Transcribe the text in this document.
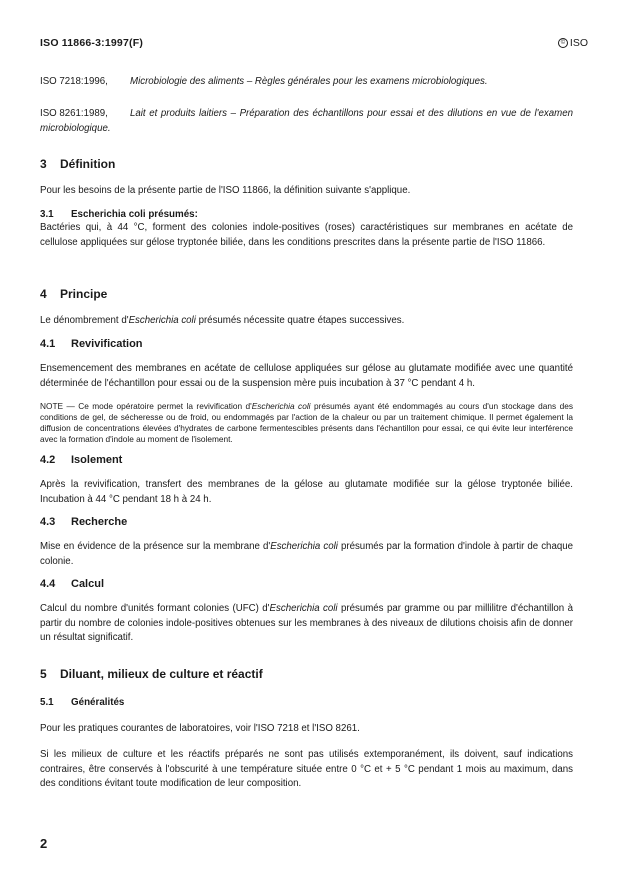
ISO 11866-3:1997(F)	© ISO

ISO 7218:1996, Microbiologie des aliments – Règles générales pour les examens microbiologiques.

ISO 8261:1989, Lait et produits laitiers – Préparation des échantillons pour essai et des dilutions en vue de l'examen microbiologique.

3 Définition

Pour les besoins de la présente partie de l'ISO 11866, la définition suivante s'applique.

3.1 Escherichia coli présumés:

Bactéries qui, à 44 °C, forment des colonies indole-positives (roses) caractéristiques sur membranes en acétate de cellulose appliquées sur gélose tryptonée biliée, dans les conditions prescrites dans la présente partie de l'ISO 11866.

4 Principe

Le dénombrement d'Escherichia coli présumés nécessite quatre étapes successives.

4.1 Revivification

Ensemencement des membranes en acétate de cellulose appliquées sur gélose au glutamate modifiée avec une quantité déterminée de l'échantillon pour essai ou de la suspension mère puis incubation à 37 °C pendant 4 h.

NOTE — Ce mode opératoire permet la revivification d'Escherichia coli présumés ayant été endommagés au cours d'un stockage dans des conditions de gel, de sécheresse ou de froid, ou endommagés par l'action de la chaleur ou par un traitement chimique. Il permet également la diffusion de concentrations élevées d'hydrates de carbone fermentescibles présents dans l'échantillon pour essai, ce qui évite leur interférence avec la formation d'indole au moment de l'isolement.

4.2 Isolement

Après la revivification, transfert des membranes de la gélose au glutamate modifiée sur la gélose tryptonée biliée. Incubation à 44 °C pendant 18 h à 24 h.

4.3 Recherche

Mise en évidence de la présence sur la membrane d'Escherichia coli présumés par la formation d'indole à partir de chaque colonie.

4.4 Calcul

Calcul du nombre d'unités formant colonies (UFC) d'Escherichia coli présumés par gramme ou par millilitre d'échantillon à partir du nombre de colonies indole-positives obtenues sur les membranes à des niveaux de dilutions choisis afin de donner un résultat significatif.

5 Diluant, milieux de culture et réactif
5.1 Généralités

Pour les pratiques courantes de laboratoires, voir l'ISO 7218 et l'ISO 8261.

Si les milieux de culture et les réactifs préparés ne sont pas utilisés extemporanément, ils doivent, sauf indications contraires, être conservés à l'obscurité à une température située entre 0 °C et + 5 °C pendant 1 mois au maximum, dans des conditions évitant toute modification de leur composition.

2
